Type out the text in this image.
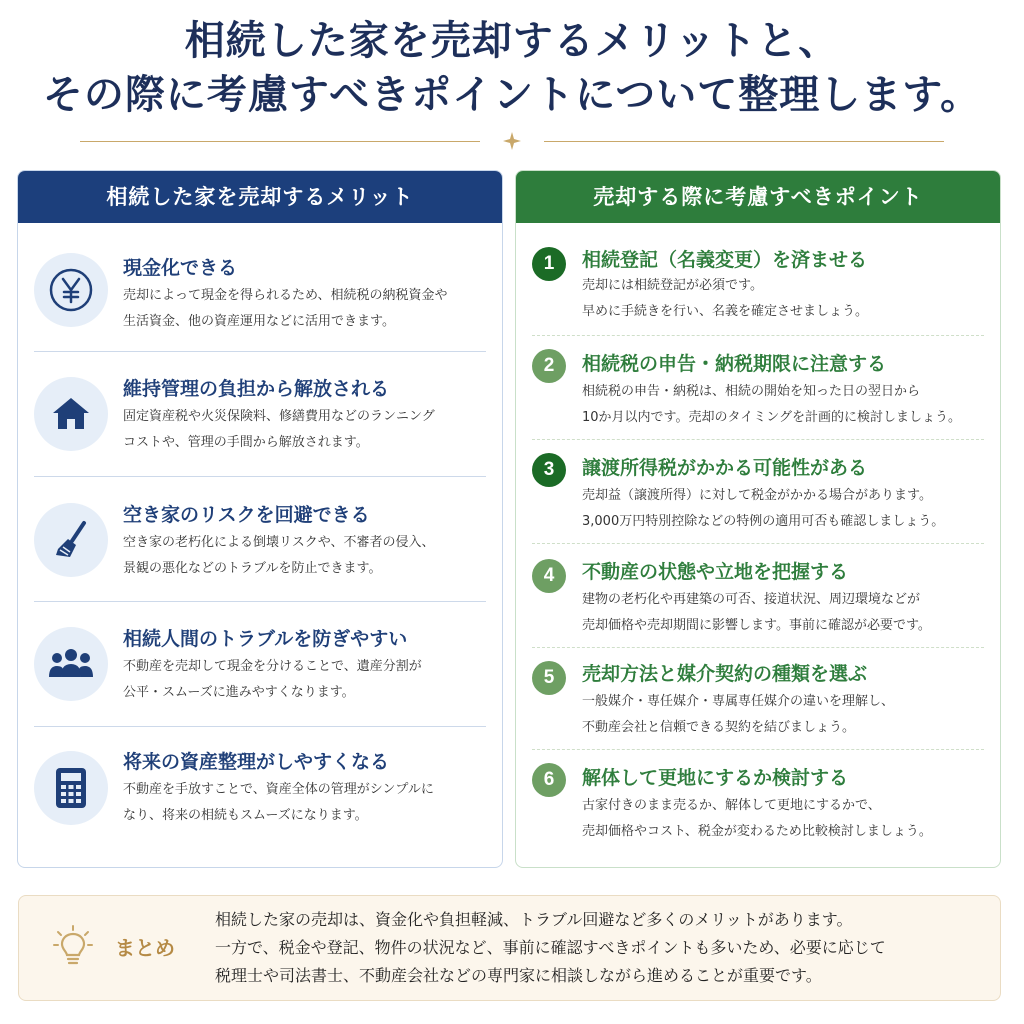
相続した家を売却するメリットと、
その際に考慮すべきポイントについて整理します。
相続した家を売却するメリット
現金化できる
売却によって現金を得られるため、相続税の納税資金や
生活資金、他の資産運用などに活用できます。
維持管理の負担から解放される
固定資産税や火災保険料、修繕費用などのランニング
コストや、管理の手間から解放されます。
空き家のリスクを回避できる
空き家の老朽化による倒壊リスクや、不審者の侵入、
景観の悪化などのトラブルを防止できます。
相続人間のトラブルを防ぎやすい
不動産を売却して現金を分けることで、遺産分割が
公平・スムーズに進みやすくなります。
将来の資産整理がしやすくなる
不動産を手放すことで、資産全体の管理がシンプルに
なり、将来の相続もスムーズになります。
売却する際に考慮すべきポイント
1	相続登記（名義変更）を済ませる
売却には相続登記が必須です。
早めに手続きを行い、名義を確定させましょう。
2	相続税の申告・納税期限に注意する
相続税の申告・納税は、相続の開始を知った日の翌日から
10か月以内です。売却のタイミングを計画的に検討しましょう。
3	譲渡所得税がかかる可能性がある
売却益（譲渡所得）に対して税金がかかる場合があります。
3,000万円特別控除などの特例の適用可否も確認しましょう。
4	不動産の状態や立地を把握する
建物の老朽化や再建築の可否、接道状況、周辺環境などが
売却価格や売却期間に影響します。事前に確認が必要です。
5	売却方法と媒介契約の種類を選ぶ
一般媒介・専任媒介・専属専任媒介の違いを理解し、
不動産会社と信頼できる契約を結びましょう。
6	解体して更地にするか検討する
古家付きのまま売るか、解体して更地にするかで、
売却価格やコスト、税金が変わるため比較検討しましょう。
まとめ
相続した家の売却は、資金化や負担軽減、トラブル回避など多くのメリットがあります。
一方で、税金や登記、物件の状況など、事前に確認すべきポイントも多いため、必要に応じて
税理士や司法書士、不動産会社などの専門家に相談しながら進めることが重要です。
